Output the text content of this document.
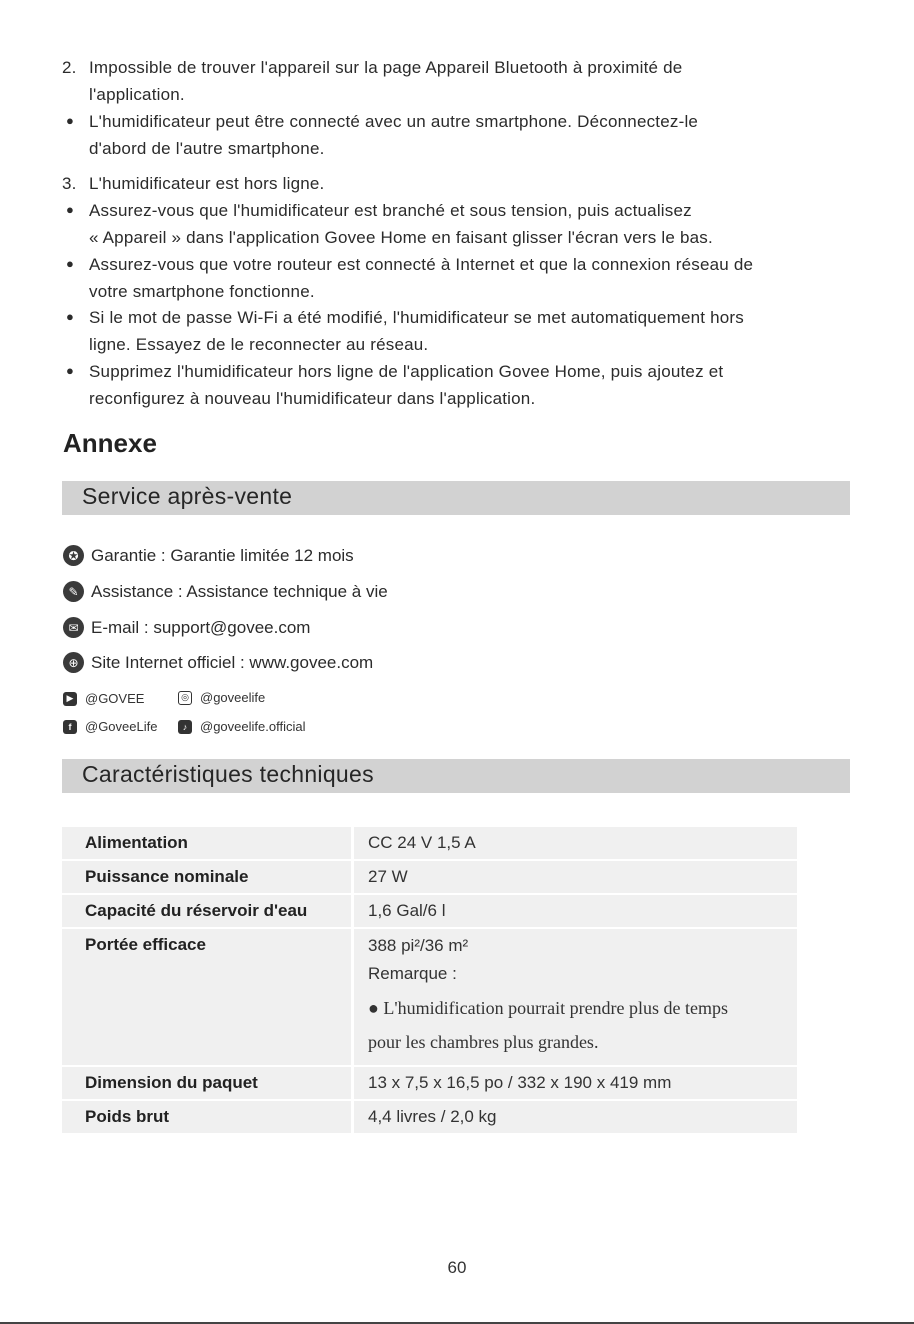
2. Impossible de trouver l'appareil sur la page Appareil Bluetooth à proximité de
l'application.
● L'humidificateur peut être connecté avec un autre smartphone. Déconnectez-le
d'abord de l'autre smartphone.
3. L'humidificateur est hors ligne.
● Assurez-vous que l'humidificateur est branché et sous tension, puis actualisez
« Appareil » dans l'application Govee Home en faisant glisser l'écran vers le bas.
● Assurez-vous que votre routeur est connecté à Internet et que la connexion réseau de
votre smartphone fonctionne.
● Si le mot de passe Wi-Fi a été modifié, l'humidificateur se met automatiquement hors
ligne. Essayez de le reconnecter au réseau.
● Supprimez l'humidificateur hors ligne de l'application Govee Home, puis ajoutez et
reconfigurez à nouveau l'humidificateur dans l'application.
Annexe
Service après-vente
✪ Garantie : Garantie limitée 12 mois
✎ Assistance : Assistance technique à vie
✉ E-mail : support@govee.com
⊕ Site Internet officiel : www.govee.com
▶ @GOVEE	◎ @goveelife
f	@GoveeLife	♪ @goveelife.official
Caractéristiques techniques
Alimentation	CC 24 V 1,5 A
Puissance nominale	27 W
Capacité du réservoir d'eau	1,6 Gal/6 l
Portée efficace	388 pi²/36 m²
Remarque :
● L'humidification pourrait prendre plus de temps
pour les chambres plus grandes.

Dimension du paquet	13 x 7,5 x 16,5 po / 332 x 190 x 419 mm
Poids brut	4,4 livres / 2,0 kg
60
